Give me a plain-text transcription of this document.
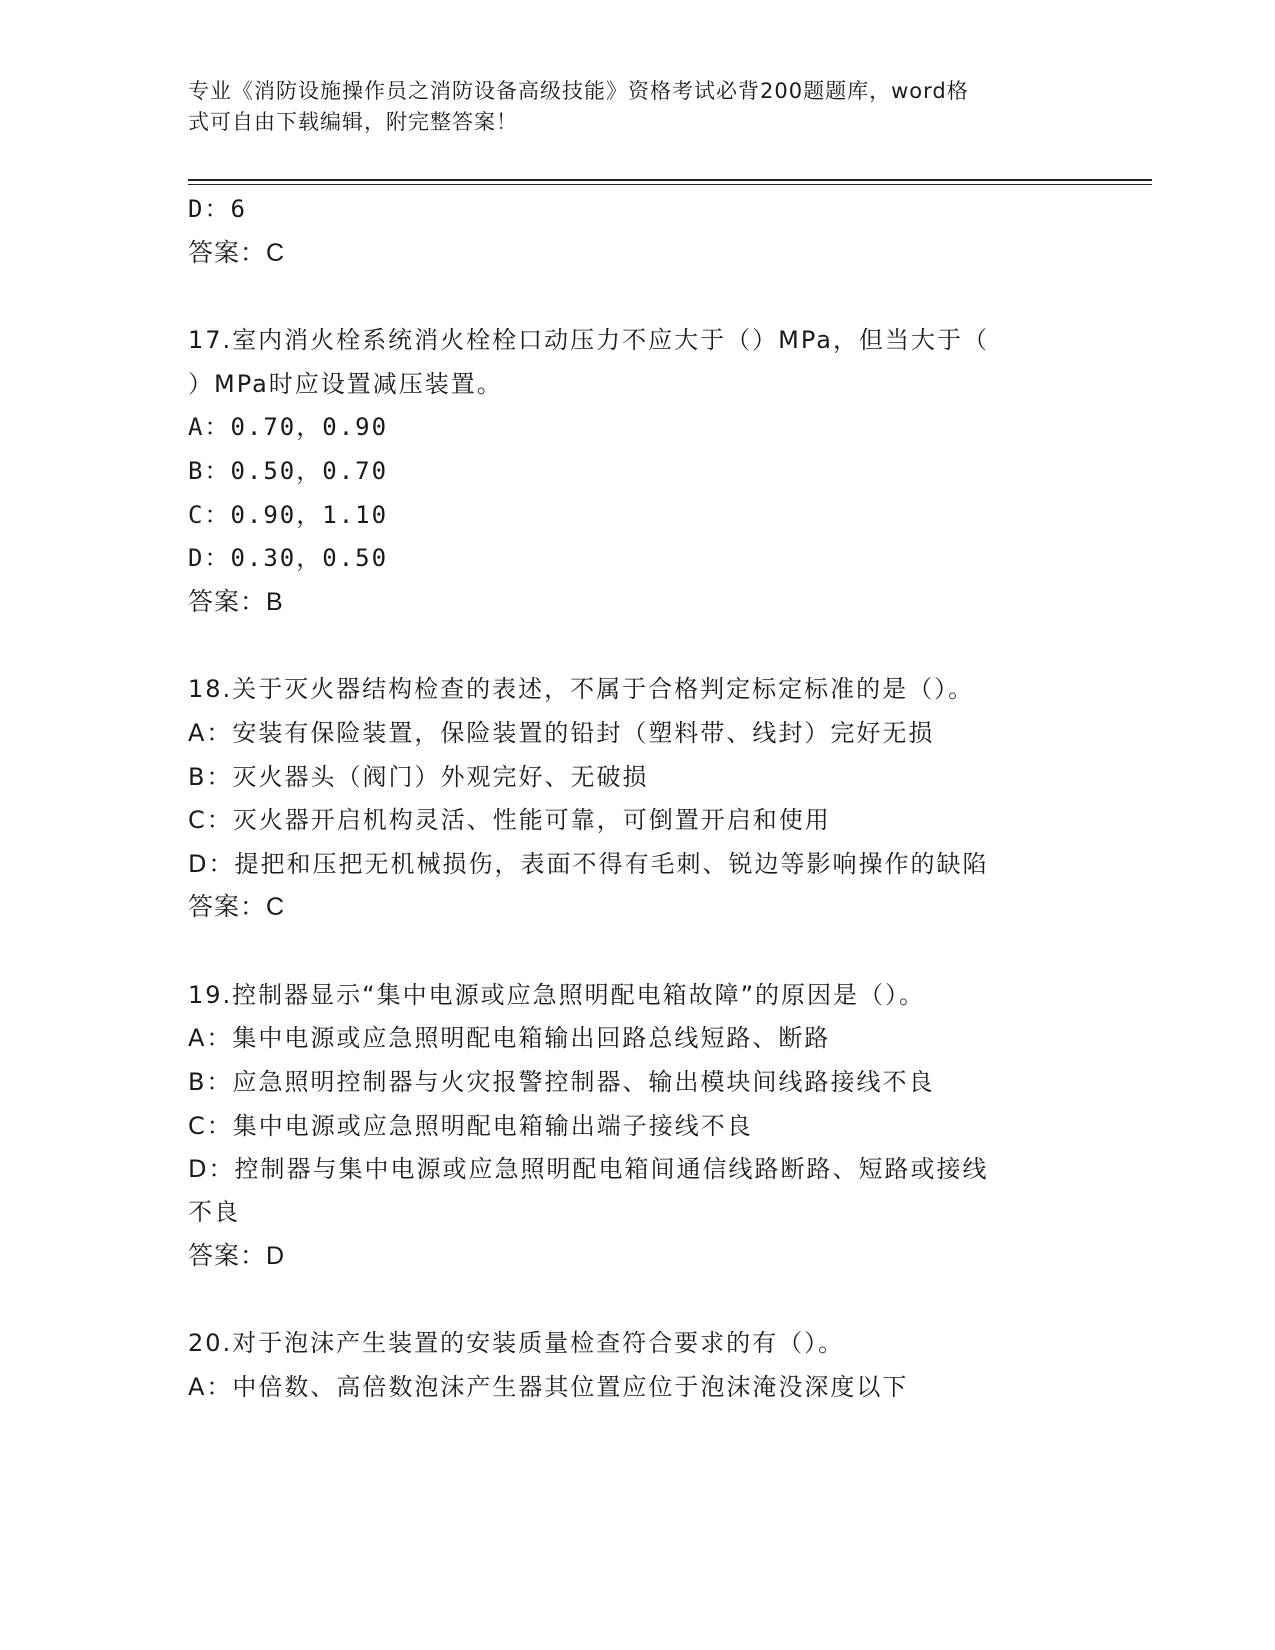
专业《消防设施操作员之消防设备高级技能》资格考试必背200题题库，word格
式可自由下载编辑，附完整答案！
D：6
答案：C
17.室内消火栓系统消火栓栓口动压力不应大于（）MPa，但当大于（
）MPa时应设置减压装置。
A：0.70，0.90
B：0.50，0.70
C：0.90，1.10
D：0.30，0.50
答案：B
18.关于灭火器结构检查的表述，不属于合格判定标定标准的是（）。
A：安装有保险装置，保险装置的铅封（塑料带、线封）完好无损
B：灭火器头（阀门）外观完好、无破损
C：灭火器开启机构灵活、性能可靠，可倒置开启和使用
D：提把和压把无机械损伤，表面不得有毛刺、锐边等影响操作的缺陷
答案：C
19.控制器显示“集中电源或应急照明配电箱故障”的原因是（）。
A：集中电源或应急照明配电箱输出回路总线短路、断路
B：应急照明控制器与火灾报警控制器、输出模块间线路接线不良
C：集中电源或应急照明配电箱输出端子接线不良
D：控制器与集中电源或应急照明配电箱间通信线路断路、短路或接线
不良
答案：D
20.对于泡沫产生装置的安装质量检查符合要求的有（）。
A：中倍数、高倍数泡沫产生器其位置应位于泡沫淹没深度以下
